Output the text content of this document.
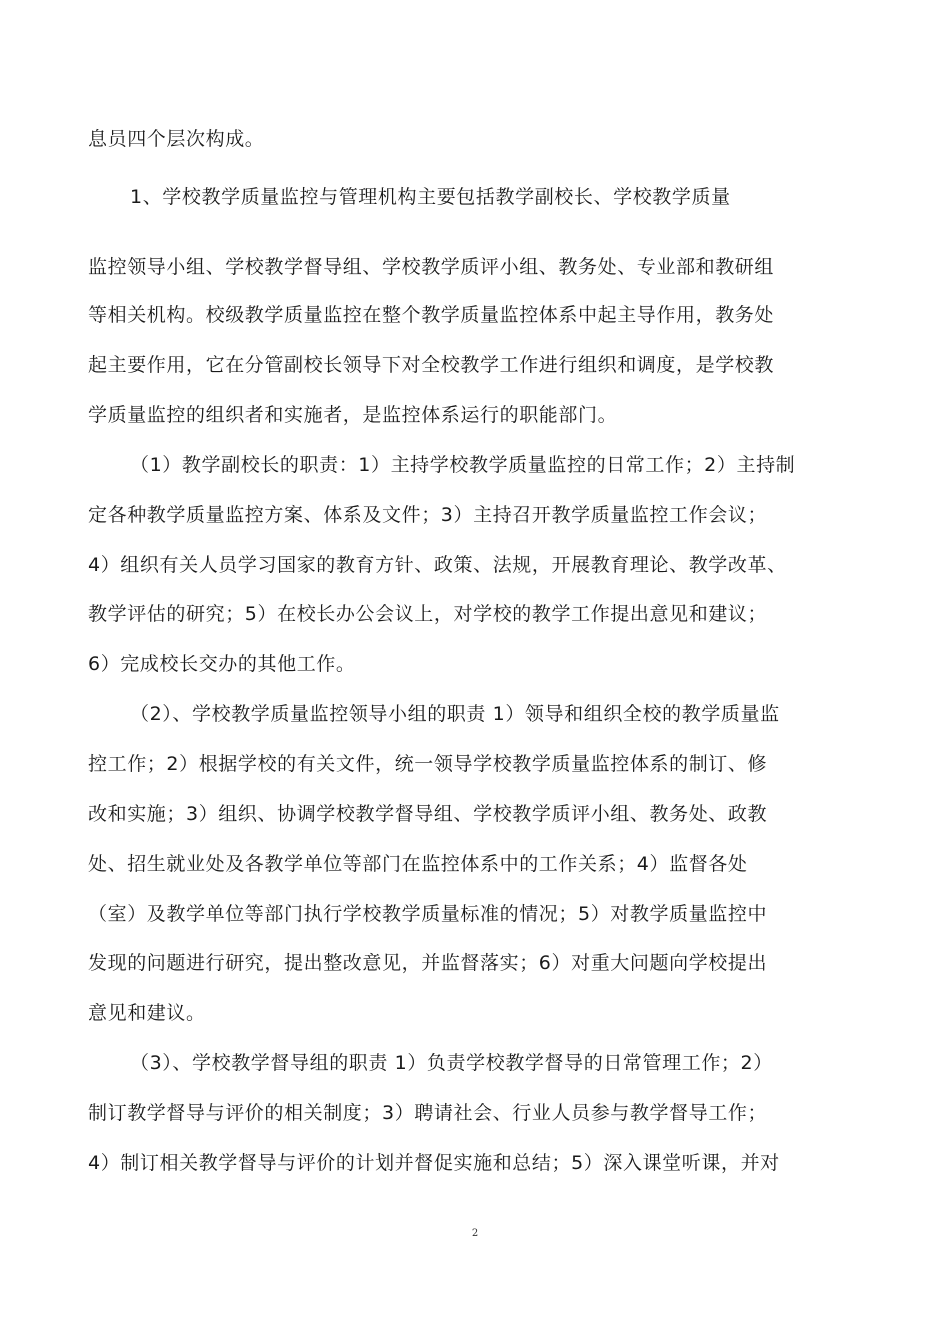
息员四个层次构成。
1、学校教学质量监控与管理机构主要包括教学副校长、学校教学质量
监控领导小组、学校教学督导组、学校教学质评小组、教务处、专业部和教研组
等相关机构。校级教学质量监控在整个教学质量监控体系中起主导作用，教务处
起主要作用，它在分管副校长领导下对全校教学工作进行组织和调度，是学校教
学质量监控的组织者和实施者，是监控体系运行的职能部门。
（1）教学副校长的职责：1）主持学校教学质量监控的日常工作；2）主持制
定各种教学质量监控方案、体系及文件；3）主持召开教学质量监控工作会议；
4）组织有关人员学习国家的教育方针、政策、法规，开展教育理论、教学改革、
教学评估的研究；5）在校长办公会议上，对学校的教学工作提出意见和建议；
6）完成校长交办的其他工作。
（2）、学校教学质量监控领导小组的职责 1）领导和组织全校的教学质量监
控工作；2）根据学校的有关文件，统一领导学校教学质量监控体系的制订、修
改和实施；3）组织、协调学校教学督导组、学校教学质评小组、教务处、政教
处、招生就业处及各教学单位等部门在监控体系中的工作关系；4）监督各处
（室）及教学单位等部门执行学校教学质量标准的情况；5）对教学质量监控中
发现的问题进行研究，提出整改意见，并监督落实；6）对重大问题向学校提出
意见和建议。
（3）、学校教学督导组的职责 1）负责学校教学督导的日常管理工作；2）
制订教学督导与评价的相关制度；3）聘请社会、行业人员参与教学督导工作；
4）制订相关教学督导与评价的计划并督促实施和总结；5）深入课堂听课，并对
2
